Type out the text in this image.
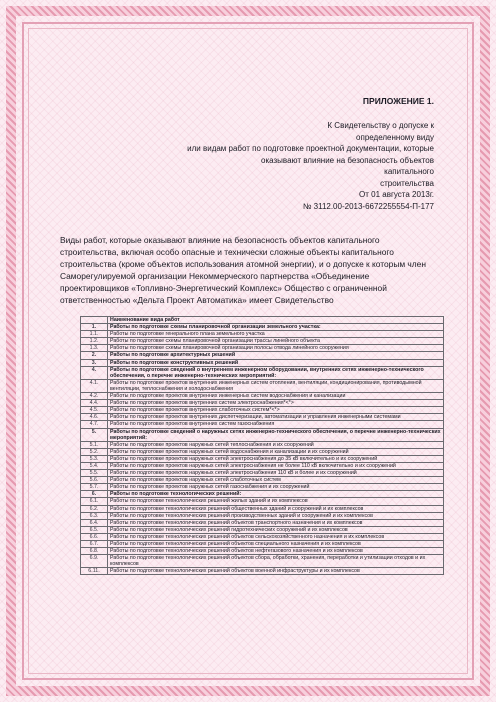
ПРИЛОЖЕНИЕ 1.
К Свидетельству о допуске к
определенному виду
или видам работ по подготовке проектной документации, которые
оказывают влияние на безопасность объектов
капитального
строительства
От 01 августа 2013г.
№ 3112.00-2013-6672255554-П-177
Виды работ, которые оказывают влияние на безопасность объектов капитального строительства, включая особо опасные и технически сложные объекты капитального строительства (кроме объектов использования атомной энергии), и о допуске к которым член Саморегулируемой организации Некоммерческого партнерства «Объединение проектировщиков «Топливно-Энергетический Комплекс» Общество с ограниченной ответственностью «Дельта Проект Автоматика» имеет Свидетельство
	Наименование вида работ
1.	Работы по подготовке схемы планировочной организации земельного участка:
1.1.	Работы по подготовке генерального плана земельного участка
1.2.	Работы по подготовке схемы планировочной организации трассы линейного объекта
1.3.	Работы по подготовке схемы планировочной организации полосы отвода линейного сооружения
2.	Работы по подготовке архитектурных решений
3.	Работы по подготовке конструктивных решений
4.	Работы по подготовке сведений о внутреннем инженерном оборудовании, внутренних сетях инженерно-технического обеспечения, о перечне инженерно-технических мероприятий:
4.1.	Работы по подготовке проектов внутренних инженерных систем отопления, вентиляции, кондиционирования, противодымной вентиляции, теплоснабжения и холодоснабжения
4.2.	Работы по подготовке проектов внутренних инженерных систем водоснабжения и канализации
4.4.	Работы по подготовке проектов внутренних систем электроснабжения*<*>
4.5.	Работы по подготовке проектов внутренних слаботочных систем*<*>
4.6.	Работы по подготовке проектов внутренних диспетчеризации, автоматизации и управления инженерными системами
4.7.	Работы по подготовке проектов внутренних систем газоснабжения
5.	Работы по подготовке сведений о наружных сетях инженерно-технического обеспечения, о перечне инженерно-технических мероприятий:
5.1.	Работы по подготовке проектов наружных сетей теплоснабжения и их сооружений
5.2.	Работы по подготовке проектов наружных сетей водоснабжения и канализации и их сооружений
5.3.	Работы по подготовке проектов наружных сетей электроснабжения до 35 кВ включительно и их сооружений
5.4.	Работы по подготовке проектов наружных сетей электроснабжения не более 110 кВ включительно и их сооружений
5.5.	Работы по подготовке проектов наружных сетей электроснабжения 110 кВ и более и их сооружений
5.6.	Работы по подготовке проектов наружных сетей слаботочных систем
5.7.	Работы по подготовке проектов наружных сетей газоснабжения и их сооружений
6.	Работы по подготовке технологических решений:
6.1.	Работы по подготовке технологических решений жилых зданий и их комплексов
6.2.	Работы по подготовке технологических решений общественных зданий и сооружений и их комплексов
6.3.	Работы по подготовке технологических решений производственных зданий и сооружений и их комплексов
6.4.	Работы по подготовке технологических решений объектов транспортного назначения и их комплексов
6.5.	Работы по подготовке технологических решений гидротехнических сооружений и их комплексов
6.6.	Работы по подготовке технологических решений объектов сельскохозяйственного назначения и их комплексов
6.7.	Работы по подготовке технологических решений объектов специального назначения и их комплексов
6.8.	Работы по подготовке технологических решений объектов нефтегазового назначения и их комплексов
6.9.	Работы по подготовке технологических решений объектов сбора, обработки, хранения, переработки и утилизации отходов и их комплексов
6.11.	Работы по подготовке технологических решений объектов военной инфраструктуры и их комплексов
